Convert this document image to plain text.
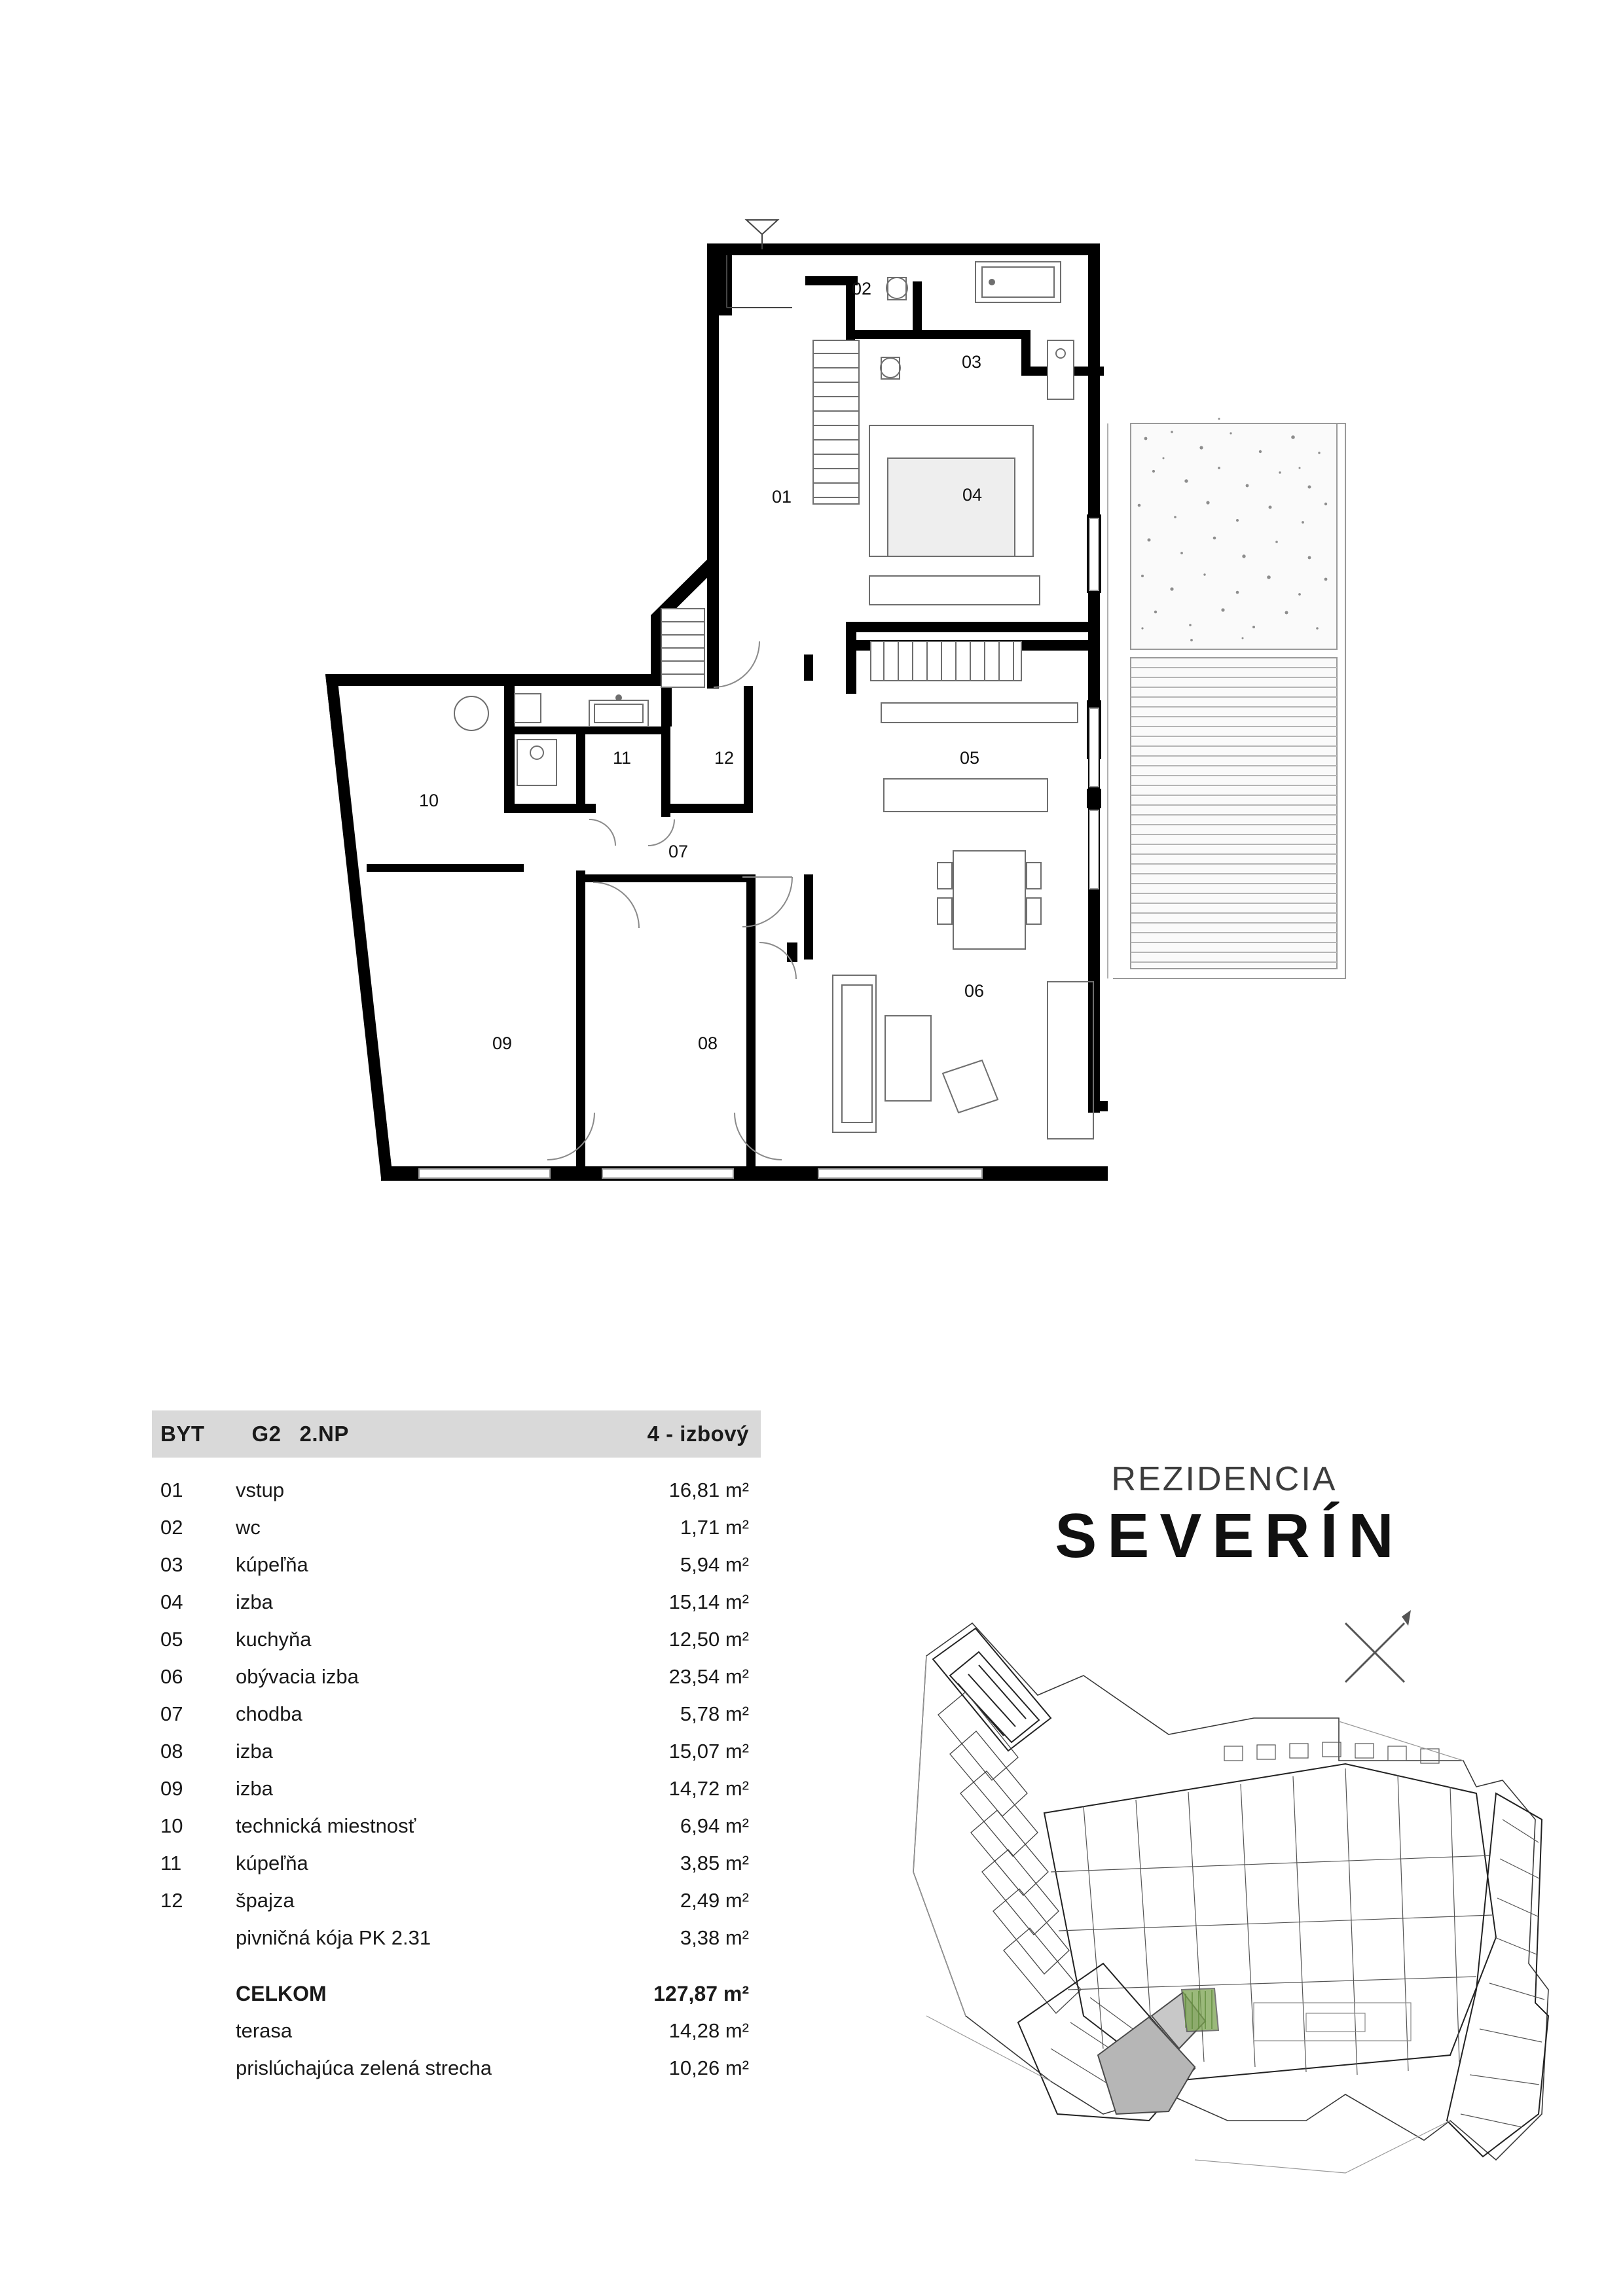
01
02
03
04
05
06
07
08
09
10
11	12
BYT G2 2.NP	4 - izbový
01	vstup	16,81 m²
02	wc	1,71 m²
03	kúpeľňa	5,94 m²
04	izba	15,14 m²
05	kuchyňa	12,50 m²
06	obývacia izba	23,54 m²
07	chodba	5,78 m²
08	izba	15,07 m²
09	izba	14,72 m²
10	technická miestnosť	6,94 m²
11	kúpeľňa	3,85 m²
12	špajza	2,49 m²
pivničná kója PK 2.31	3,38 m²
CELKOM	127,87 m²
terasa	14,28 m²
prislúchajúca zelená strecha	10,26 m²
REZIDENCIA
SEVERÍN
